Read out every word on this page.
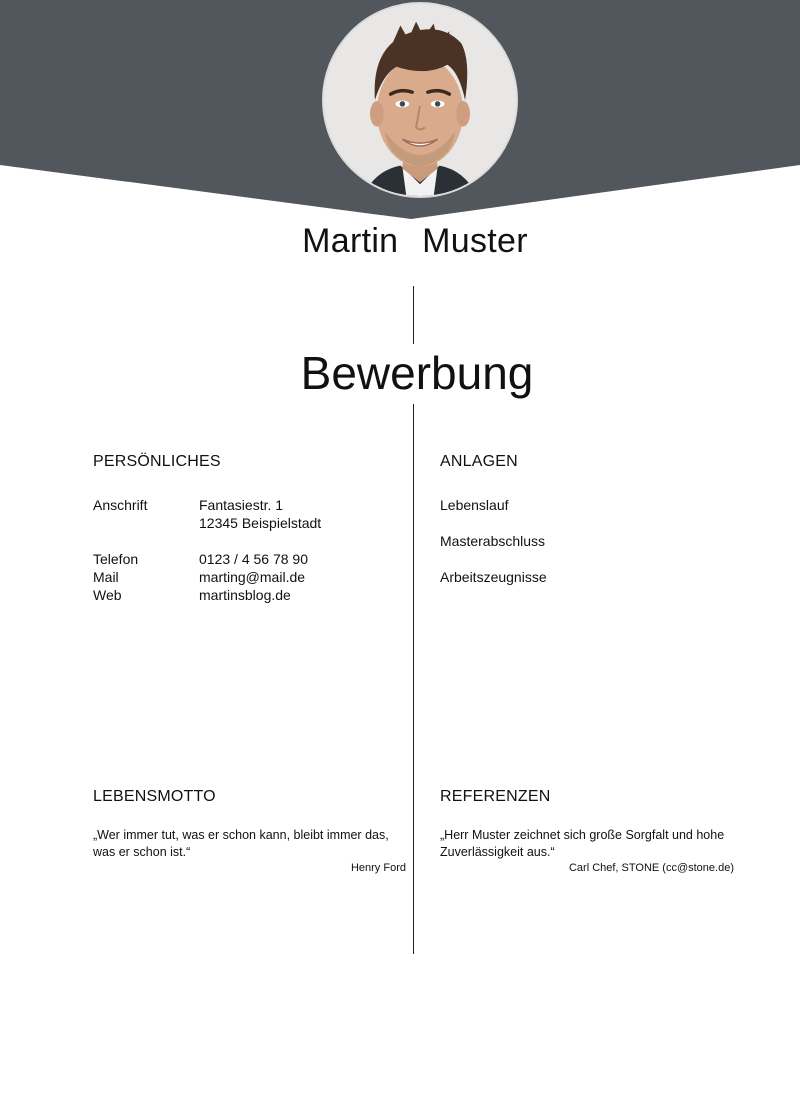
Martin Muster
Bewerbung
PERSÖNLICHES
Anschrift	Fantasiestr. 1
12345 Beispielstadt
Telefon	0123 / 4 56 78 90
Mail	marting@mail.de
Web	martinsblog.de
ANLAGEN
Lebenslauf
Masterabschluss
Arbeitszeugnisse
LEBENSMOTTO
„Wer immer tut, was er schon kann, bleibt immer das,
was er schon ist.“
Henry Ford
REFERENZEN
„Herr Muster zeichnet sich große Sorgfalt und hohe
Zuverlässigkeit aus.“
Carl Chef, STONE (cc@stone.de)
